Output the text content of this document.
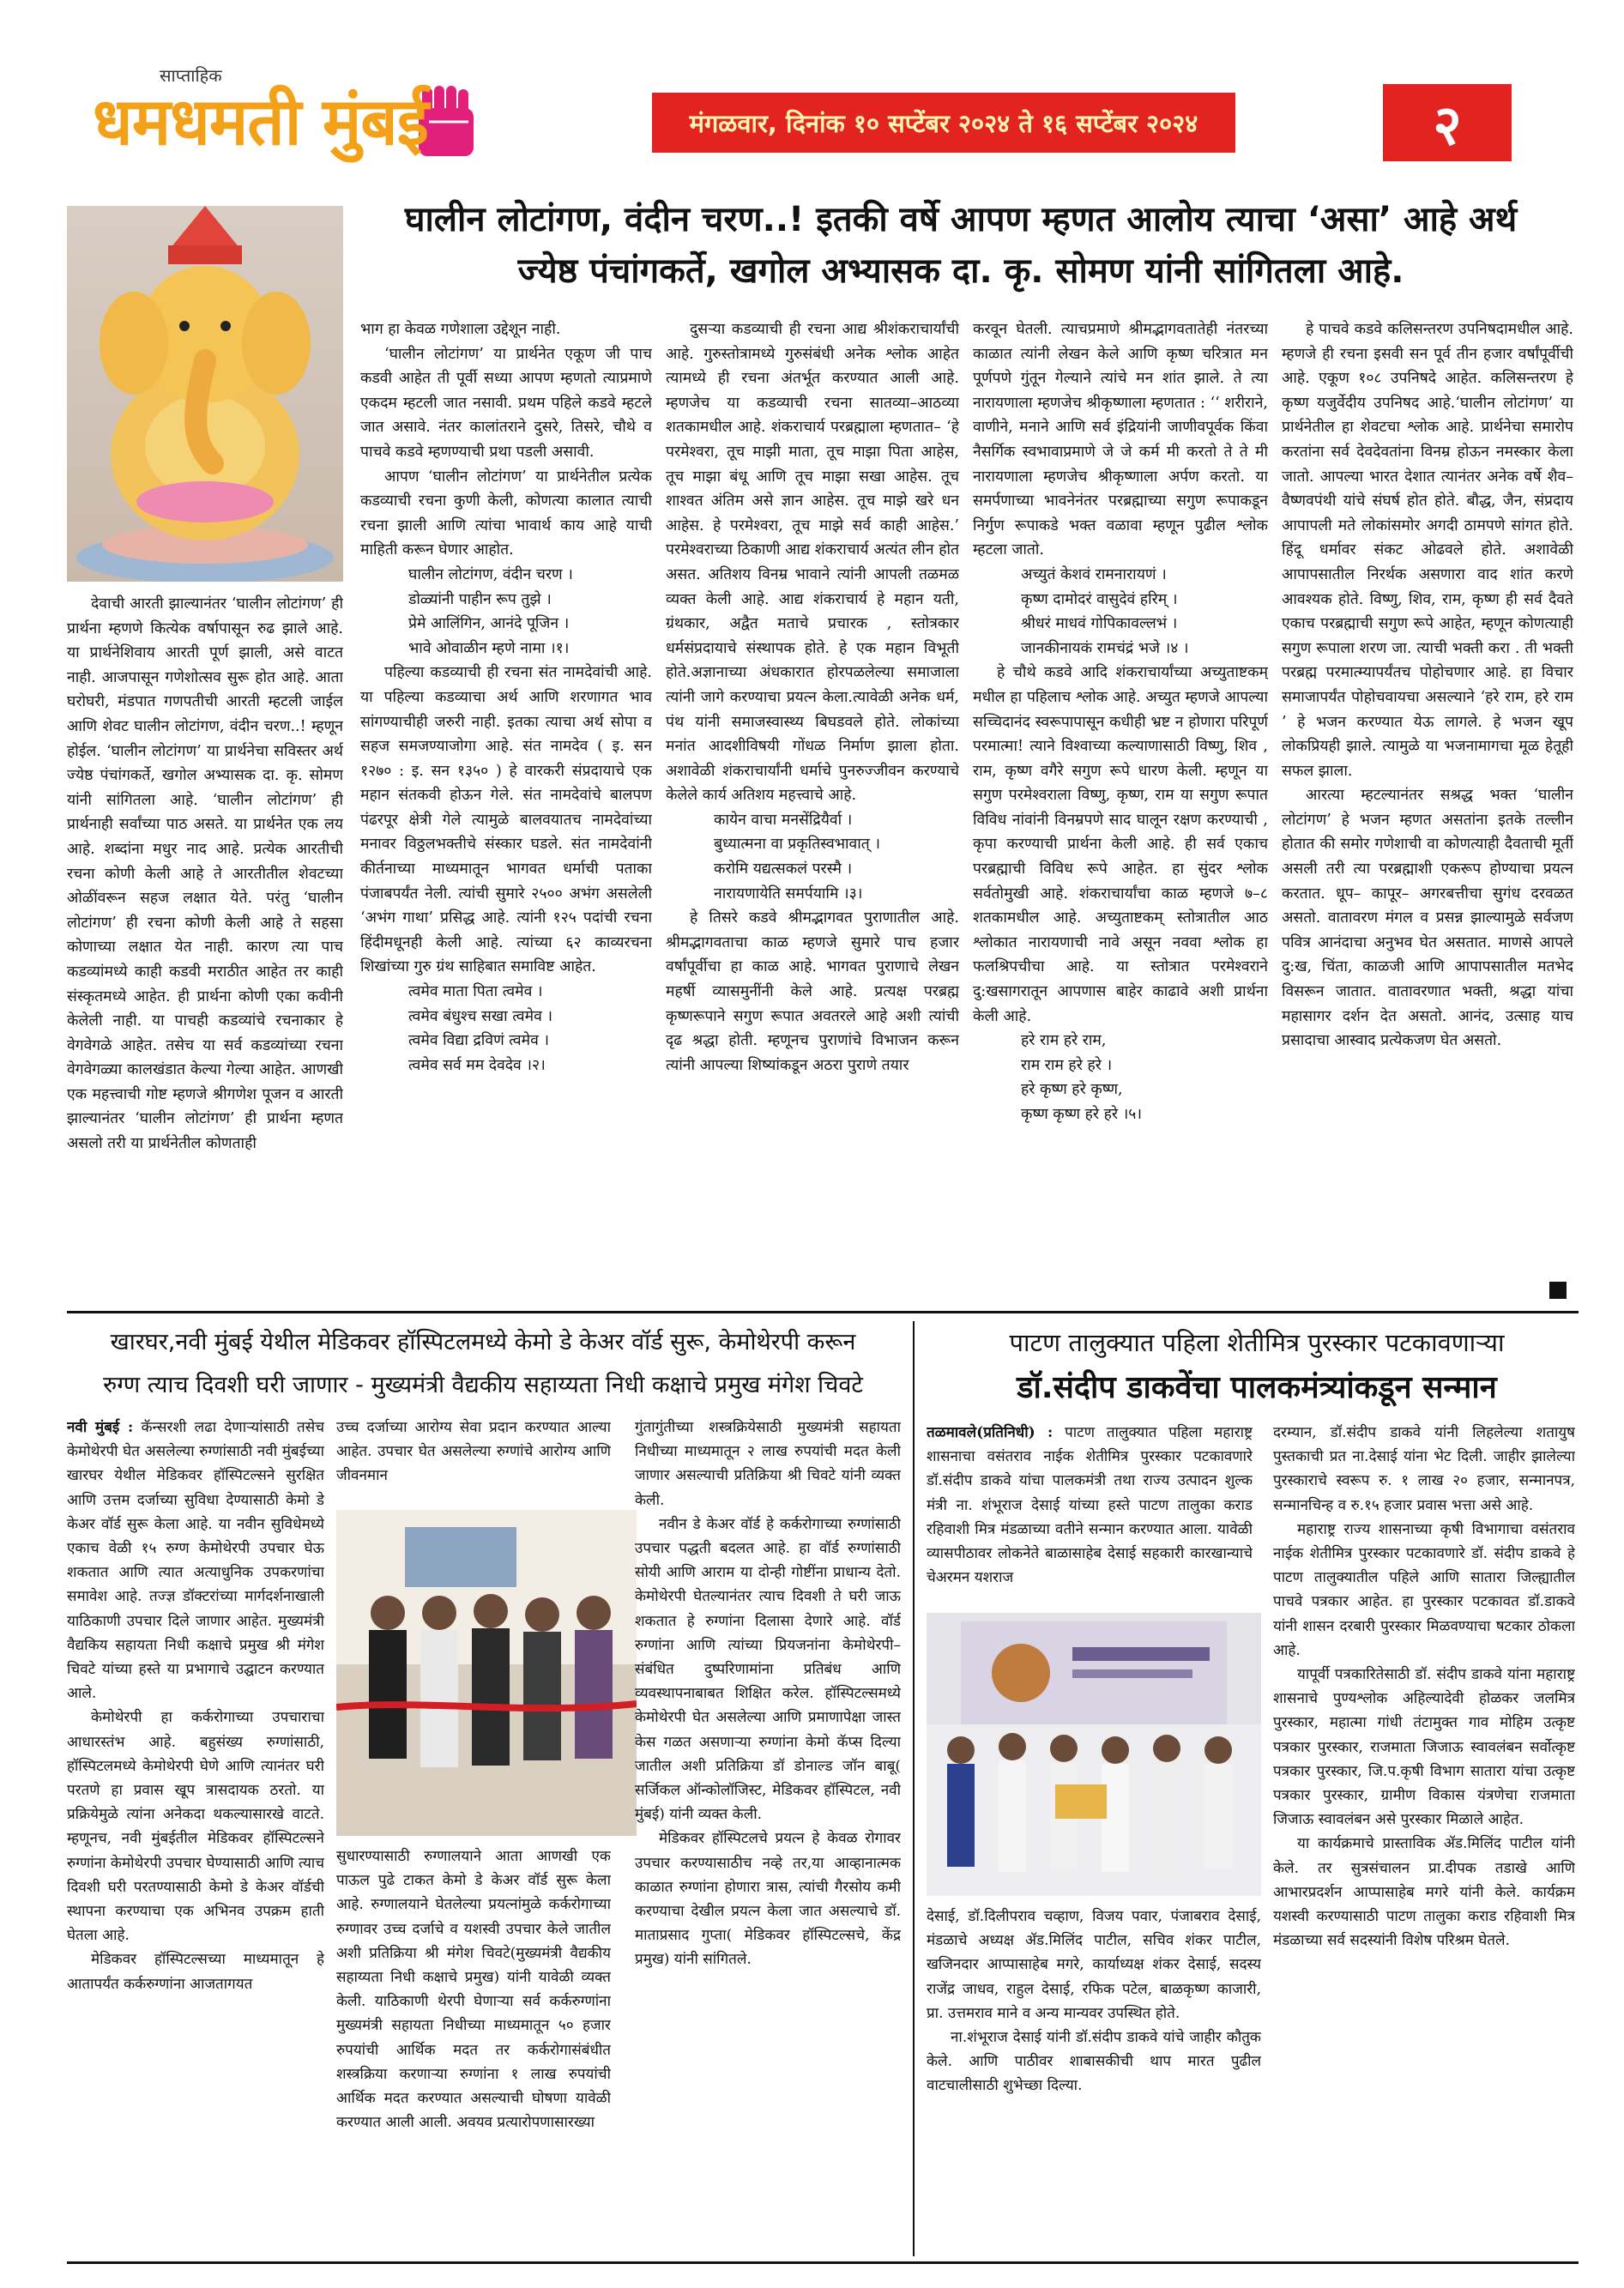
साप्ताहिक
धमधमती मुंबई	मंगळवार, दिनांक १० सप्टेंबर २०२४ ते १६ सप्टेंबर २०२४	२
घालीन लोटांगण, वंदीन चरण..! इतकी वर्षे आपण म्हणत आलोय त्याचा ‘असा’ आहे अर्थ
ज्येष्ठ पंचांगकर्ते, खगोल अभ्यासक दा. कृ. सोमण यांनी सांगितला आहे.

देवाची आरती झाल्यानंतर ‘घालीन लोटांगण’ ही प्रार्थना म्हणणे कित्येक वर्षापासून रुढ झाले आहे. या प्रार्थनेशिवाय आरती पूर्ण झाली, असे वाटत नाही. आजपासून गणेशोत्सव सुरू होत आहे. आता घरोघरी, मंडपात गणपतीची आरती म्हटली जाईल आणि शेवट घालीन लोटांगण, वंदीन चरण..! म्हणून होईल. ‘घालीन लोटांगण’ या प्रार्थनेचा सविस्तर अर्थ ज्येष्ठ पंचांगकर्ते, खगोल अभ्यासक दा. कृ. सोमण यांनी सांगितला आहे. ‘घालीन लोटांगण’ ही प्रार्थनाही सर्वांच्या पाठ असते. या प्रार्थनेत एक लय आहे. शब्दांना मधुर नाद आहे. प्रत्येक आरतीची रचना कोणी केली आहे ते आरतीतील शेवटच्या ओळींवरून सहज लक्षात येते. परंतु ‘घालीन लोटांगण’ ही रचना कोणी केली आहे ते सहसा कोणाच्या लक्षात येत नाही. कारण त्या पाच कडव्यांमध्ये काही कडवी मराठीत आहेत तर काही संस्कृतमध्ये आहेत. ही प्रार्थना कोणी एका कवीनी केलेली नाही. या पाचही कडव्यांचे रचनाकार हे वेगवेगळे आहेत. तसेच या सर्व कडव्यांच्या रचना वेगवेगळ्या कालखंडात केल्या गेल्या आहेत. आणखी एक महत्त्वाची गोष्ट म्हणजे श्रीगणेश पूजन व आरती झाल्यानंतर ‘घालीन लोटांगण’ ही प्रार्थना म्हणत असलो तरी या प्रार्थनेतील कोणताही

भाग हा केवळ गणेशाला उद्देशून नाही.

‘घालीन लोटांगण’ या प्रार्थनेत एकूण जी पाच कडवी आहेत ती पूर्वी सध्या आपण म्हणतो त्याप्रमाणे एकदम म्हटली जात नसावी. प्रथम पहिले कडवे म्हटले जात असावे. नंतर कालांतराने दुसरे, तिसरे, चौथे व पाचवे कडवे म्हणण्याची प्रथा पडली असावी.

आपण ‘घालीन लोटांगण’ या प्रार्थनेतील प्रत्येक कडव्याची रचना कुणी केली, कोणत्या कालात त्याची रचना झाली आणि त्यांचा भावार्थ काय आहे याची माहिती करून घेणार आहोत.

घालीन लोटांगण, वंदीन चरण ।

डोळ्यांनी पाहीन रूप तुझे ।

प्रेमे आलिंगिन, आनंदे पूजिन ।

भावे ओवाळीन म्हणे नामा ।१।

पहिल्या कडव्याची ही रचना संत नामदेवांची आहे. या पहिल्या कडव्याचा अर्थ आणि शरणागत भाव सांगण्याचीही जरुरी नाही. इतका त्याचा अर्थ सोपा व सहज समजण्याजोगा आहे. संत नामदेव ( इ. सन १२७० : इ. सन १३५० ) हे वारकरी संप्रदायाचे एक महान संतकवी होऊन गेले. संत नामदेवांचे बालपण पंढरपूर क्षेत्री गेले त्यामुळे बालवयातच नामदेवांच्या मनावर विठ्ठलभक्तीचे संस्कार घडले. संत नामदेवांनी कीर्तनाच्या माध्यमातून भागवत धर्माची पताका पंजाबपर्यंत नेली. त्यांची सुमारे २५०० अभंग असलेली ‘अभंग गाथा’ प्रसिद्ध आहे. त्यांनी १२५ पदांची रचना हिंदीमधूनही केली आहे. त्यांच्या ६२ काव्यरचना शिखांच्या गुरु ग्रंथ साहिबात समाविष्ट आहेत.

त्वमेव माता पिता त्वमेव ।

त्वमेव बंधुश्च सखा त्वमेव ।

त्वमेव विद्या द्रविणं त्वमेव ।

त्वमेव सर्व मम देवदेव ।२।

दुसऱ्या कडव्याची ही रचना आद्य श्रीशंकराचार्यांची आहे. गुरुस्तोत्रामध्ये गुरुसंबंधी अनेक श्लोक आहेत त्यामध्ये ही रचना अंतर्भूत करण्यात आली आहे. म्हणजेच या कडव्याची रचना सातव्या–आठव्या शतकामधील आहे. शंकराचार्य परब्रह्माला म्हणतात– ‘हे परमेश्वरा, तूच माझी माता, तूच माझा पिता आहेस, तूच माझा बंधू आणि तूच माझा सखा आहेस. तूच शाश्वत अंतिम असे ज्ञान आहेस. तूच माझे खरे धन आहेस. हे परमेश्वरा, तूच माझे सर्व काही आहेस.’ परमेश्वराच्या ठिकाणी आद्य शंकराचार्य अत्यंत लीन होत असत. अतिशय विनम्र भावाने त्यांनी आपली तळमळ व्यक्त केली आहे. आद्य शंकराचार्य हे महान यती, ग्रंथकार, अद्वैत मताचे प्रचारक , स्तोत्रकार धर्मसंप्रदायाचे संस्थापक होते. हे एक महान विभूती होते.अज्ञानाच्या अंधकारात होरपळलेल्या समाजाला त्यांनी जागे करण्याचा प्रयत्न केला.त्यावेळी अनेक धर्म, पंथ यांनी समाजस्वास्थ्य बिघडवले होते. लोकांच्या मनांत आदशीविषयी गोंधळ निर्माण झाला होता. अशावेळी शंकराचार्यांनी धर्माचे पुनरुज्जीवन करण्याचे केलेले कार्य अतिशय महत्त्वाचे आहे.

कायेन वाचा मनसेंद्रियैर्वा ।

बुध्यात्मना वा प्रकृतिस्वभावात् ।

करोमि यद्यत्सकलं परस्मै ।

नारायणायेति समर्पयामि ।३।

हे तिसरे कडवे श्रीमद्भागवत पुराणातील आहे. श्रीमद्भागवताचा काळ म्हणजे सुमारे पाच हजार वर्षांपूर्वीचा हा काळ आहे. भागवत पुराणाचे लेखन महर्षी व्यासमुनींनी केले आहे. प्रत्यक्ष परब्रह्म कृष्णरूपाने सगुण रूपात अवतरले आहे अशी त्यांची दृढ श्रद्धा होती. म्हणूनच पुराणांचे विभाजन करून त्यांनी आपल्या शिष्यांकडून अठरा पुराणे तयार

करवून घेतली. त्याचप्रमाणे श्रीमद्भागवतातेही नंतरच्या काळात त्यांनी लेखन केले आणि कृष्ण चरित्रात मन पूर्णपणे गुंतून गेल्याने त्यांचे मन शांत झाले. ते त्या नारायणाला म्हणजेच श्रीकृष्णाला म्हणतात : ‘‘ शरीराने, वाणीने, मनाने आणि सर्व इंद्रियांनी जाणीवपूर्वक किंवा नैसर्गिक स्वभावाप्रमाणे जे जे कर्म मी करतो ते ते मी नारायणाला म्हणजेच श्रीकृष्णाला अर्पण करतो. या समर्पणाच्या भावनेनंतर परब्रह्माच्या सगुण रूपाकडून निर्गुण रूपाकडे भक्त वळावा म्हणून पुढील श्लोक म्हटला जातो.

अच्युतं केशवं रामनारायणं ।

कृष्ण दामोदरं वासुदेवं हरिम् ।

श्रीधरं माधवं गोपिकावल्लभं ।

जानकीनायकं रामचंद्रं भजे ।४ ।

हे चौथे कडवे आदि शंकराचार्यांच्या अच्युताष्टकम् मधील हा पहिलाच श्लोक आहे. अच्युत म्हणजे आपल्या सच्चिदानंद स्वरूपापासून कधीही भ्रष्ट न होणारा परिपूर्ण परमात्मा! त्याने विश्वाच्या कल्याणासाठी विष्णु, शिव , राम, कृष्ण वगैरे सगुण रूपे धारण केली. म्हणून या सगुण परमेश्वराला विष्णु, कृष्ण, राम या सगुण रूपात विविध नांवांनी विनम्रपणे साद घालून रक्षण करण्याची , कृपा करण्याची प्रार्थना केली आहे. ही सर्व एकाच परब्रह्माची विविध रूपे आहेत. हा सुंदर श्लोक सर्वतोमुखी आहे. शंकराचार्यांचा काळ म्हणजे ७–८ शतकामधील आहे. अच्युताष्टकम् स्तोत्रातील आठ श्लोकात नारायणाची नावे असून नववा श्लोक हा फलश्रिपचीचा आहे. या स्तोत्रात परमेश्वराने दु:खसागरातून आपणास बाहेर काढावे अशी प्रार्थना केली आहे.

हरे राम हरे राम,

राम राम हरे हरे ।

हरे कृष्ण हरे कृष्ण,

कृष्ण कृष्ण हरे हरे ।५।

हे पाचवे कडवे कलिसन्तरण उपनिषदामधील आहे. म्हणजे ही रचना इसवी सन पूर्व तीन हजार वर्षांपूर्वीची आहे. एकूण १०८ उपनिषदे आहेत. कलिसन्तरण हे कृष्ण यजुर्वेदीय उपनिषद आहे.‘घालीन लोटांगण’ या प्रार्थनेतील हा शेवटचा श्लोक आहे. प्रार्थनेचा समारोप करतांना सर्व देवदेवतांना विनम्र होऊन नमस्कार केला जातो. आपल्या भारत देशात त्यानंतर अनेक वर्षे शैव–वैष्णवपंथी यांचे संघर्ष होत होते. बौद्ध, जैन, संप्रदाय आपापली मते लोकांसमोर अगदी ठामपणे सांगत होते. हिंदू धर्मावर संकट ओढवले होते. अशावेळी आपापसातील निरर्थक असणारा वाद शांत करणे आवश्यक होते. विष्णु, शिव, राम, कृष्ण ही सर्व दैवते एकाच परब्रह्माची सगुण रूपे आहेत, म्हणून कोणत्याही सगुण रूपाला शरण जा. त्याची भक्ती करा . ती भक्ती परब्रह्म परमात्म्यापर्यंतच पोहोचणार आहे. हा विचार समाजापर्यंत पोहोचवायचा असल्याने ‘हरे राम, हरे राम ’ हे भजन करण्यात येऊ लागले. हे भजन खूप लोकप्रियही झाले. त्यामुळे या भजनामागचा मूळ हेतूही सफल झाला.

आरत्या म्हटल्यानंतर सश्रद्ध भक्त ‘घालीन लोटांगण’ हे भजन म्हणत असतांना इतके तल्लीन होतात की समोर गणेशाची वा कोणत्याही दैवताची मूर्ती असली तरी त्या परब्रह्माशी एकरूप होण्याचा प्रयत्न करतात. धूप– कापूर– अगरबत्तीचा सुगंध दरवळत असतो. वातावरण मंगल व प्रसन्न झाल्यामुळे सर्वजण पवित्र आनंदाचा अनुभव घेत असतात. माणसे आपले दु:ख, चिंता, काळजी आणि आपापसातील मतभेद विसरून जातात. वातावरणात भक्ती, श्रद्धा यांचा महासागर दर्शन देत असतो. आनंद, उत्साह याच प्रसादाचा आस्वाद प्रत्येकजण घेत असतो.

खारघर,नवी मुंबई येथील मेडिकवर हॉस्पिटलमध्ये केमो डे केअर वॉर्ड सुरू, केमोथेरपी करून
रुग्ण त्याच दिवशी घरी जाणार - मुख्यमंत्री वैद्यकीय सहाय्यता निधी कक्षाचे प्रमुख मंगेश चिवटे

नवी मुंबई : कॅन्सरशी लढा देणाऱ्यांसाठी तसेच केमोथेरपी घेत असलेल्या रुग्णांसाठी नवी मुंबईच्या खारघर येथील मेडिकवर हॉस्पिटल्सने सुरक्षित आणि उत्तम दर्जाच्या सुविधा देण्यासाठी केमो डे केअर वॉर्ड सुरू केला आहे. या नवीन सुविधेमध्ये एकाच वेळी १५ रुग्ण केमोथेरपी उपचार घेऊ शकतात आणि त्यात अत्याधुनिक उपकरणांचा समावेश आहे. तज्ज्ञ डॉक्टरांच्या मार्गदर्शनाखाली याठिकाणी उपचार दिले जाणार आहेत. मुख्यमंत्री वैद्यकिय सहायता निधी कक्षाचे प्रमुख श्री मंगेश चिवटे यांच्या हस्ते या प्रभागाचे उद्घाटन करण्यात आले.

केमोथेरपी हा कर्करोगाच्या उपचाराचा आधारस्तंभ आहे. बहुसंख्य रुग्णांसाठी, हॉस्पिटलमध्ये केमोथेरपी घेणे आणि त्यानंतर घरी परतणे हा प्रवास खूप त्रासदायक ठरतो. या प्रक्रियेमुळे त्यांना अनेकदा थकल्यासारखे वाटते. म्हणूनच, नवी मुंबईतील मेडिकवर हॉस्पिटल्सने रुग्णांना केमोथेरपी उपचार घेण्यासाठी आणि त्याच दिवशी घरी परतण्यासाठी केमो डे केअर वॉर्डची स्थापना करण्याचा एक अभिनव उपक्रम हाती घेतला आहे.

मेडिकवर हॉस्पिटल्सच्या माध्यमातून हे आतापर्यंत कर्करुग्णांना आजतागयत

उच्च दर्जाच्या आरोग्य सेवा प्रदान करण्यात आल्या आहेत. उपचार घेत असलेल्या रुग्णांचे आरोग्य आणि जीवनमान

सुधारण्यासाठी रुग्णालयाने आता आणखी एक पाऊल पुढे टाकत केमो डे केअर वॉर्ड सुरू केला आहे. रुग्णालयाने घेतलेल्या प्रयत्नांमुळे कर्करोगाच्या रुग्णावर उच्च दर्जाचे व यशस्वी उपचार केले जातील अशी प्रतिक्रिया श्री मंगेश चिवटे(मुख्यमंत्री वैद्यकीय सहाय्यता निधी कक्षाचे प्रमुख) यांनी यावेळी व्यक्त केली. याठिकाणी थेरपी घेणाऱ्या सर्व कर्करुग्णांना मुख्यमंत्री सहायता निधीच्या माध्यमातून ५० हजार रुपयांची आर्थिक मदत तर कर्करोगासंबंधीत शस्त्रक्रिया करणाऱ्या रुग्णांना १ लाख रुपयांची आर्थिक मदत करण्यात असल्याची घोषणा यावेळी करण्यात आली आली. अवयव प्रत्यारोपणासारख्या

गुंतागुंतीच्या शस्त्रक्रियेसाठी मुख्यमंत्री सहायता निधीच्या माध्यमातून २ लाख रुपयांची मदत केली जाणार असल्याची प्रतिक्रिया श्री चिवटे यांनी व्यक्त केली.

नवीन डे केअर वॉर्ड हे कर्करोगाच्या रुग्णांसाठी उपचार पद्धती बदलत आहे. हा वॉर्ड रुग्णांसाठी सोयी आणि आराम या दोन्ही गोष्टींना प्राधान्य देतो. केमोथेरपी घेतल्यानंतर त्याच दिवशी ते घरी जाऊ शकतात हे रुग्णांना दिलासा देणारे आहे. वॉर्ड रुग्णांना आणि त्यांच्या प्रियजनांना केमोथेरपी–संबंधित दुष्परिणामांना प्रतिबंध आणि व्यवस्थापनाबाबत शिक्षित करेल. हॉस्पिटल्समध्ये केमोथेरपी घेत असलेल्या आणि प्रमाणापेक्षा जास्त केस गळत असणाऱ्या रुग्णांना केमो कॅप्स दिल्या जातील अशी प्रतिक्रिया डॉ डोनाल्ड जॉन बाबू( सर्जिकल ऑन्कोलॉजिस्ट, मेडिकवर हॉस्पिटल, नवी मुंबई) यांनी व्यक्त केली.

मेडिकवर हॉस्पिटलचे प्रयत्न हे केवळ रोगावर उपचार करण्यासाठीच नव्हे तर,या आव्हानात्मक काळात रुग्णांना होणारा त्रास, त्यांची गैरसोय कमी करण्याचा देखील प्रयत्न केला जात असल्याचे डॉ. माताप्रसाद गुप्ता( मेडिकवर हॉस्पिटल्सचे, केंद्र प्रमुख) यांनी सांगितले.

पाटण तालुक्यात पहिला शेतीमित्र पुरस्कार पटकावणाऱ्या
डॉ.संदीप डाकवेंचा पालकमंत्र्यांकडून सन्मान

तळमावले(प्रतिनिधी) : पाटण तालुक्यात पहिला महाराष्ट्र शासनाचा वसंतराव नाईक शेतीमित्र पुरस्कार पटकावणारे डॉ.संदीप डाकवे यांचा पालकमंत्री तथा राज्य उत्पादन शुल्क मंत्री ना. शंभूराज देसाई यांच्या हस्ते पाटण तालुका कराड रहिवाशी मित्र मंडळाच्या वतीने सन्मान करण्यात आला. यावेळी व्यासपीठावर लोकनेते बाळासाहेब देसाई सहकारी कारखान्याचे चेअरमन यशराज

देसाई, डॉ.दिलीपराव चव्हाण, विजय पवार, पंजाबराव देसाई, मंडळाचे अध्यक्ष ॲड.मिलिंद पाटील, सचिव शंकर पाटील, खजिनदार आप्पासाहेब मगरे, कार्याध्यक्ष शंकर देसाई, सदस्य राजेंद्र जाधव, राहुल देसाई, रफिक पटेल, बाळकृष्ण काजारी, प्रा. उत्तमराव माने व अन्य मान्यवर उपस्थित होते.

ना.शंभूराज देसाई यांनी डॉ.संदीप डाकवे यांचे जाहीर कौतुक केले. आणि पाठीवर शाबासकीची थाप मारत पुढील वाटचालीसाठी शुभेच्छा दिल्या.

दरम्यान, डॉ.संदीप डाकवे यांनी लिहलेल्या शतायुष पुस्तकाची प्रत ना.देसाई यांना भेट दिली. जाहीर झालेल्या पुरस्काराचे स्वरूप रु. १ लाख २० हजार, सन्मानपत्र, सन्मानचिन्ह व रु.१५ हजार प्रवास भत्ता असे आहे.

महाराष्ट्र राज्य शासनाच्या कृषी विभागाचा वसंतराव नाईक शेतीमित्र पुरस्कार पटकावणारे डॉ. संदीप डाकवे हे पाटण तालुक्यातील पहिले आणि सातारा जिल्ह्यातील पाचवे पत्रकार आहेत. हा पुरस्कार पटकावत डॉ.डाकवे यांनी शासन दरबारी पुरस्कार मिळवण्याचा षटकार ठोकला आहे.

यापूर्वी पत्रकारितेसाठी डॉ. संदीप डाकवे यांना महाराष्ट्र शासनाचे पुण्यश्लोक अहिल्यादेवी होळकर जलमित्र पुरस्कार, महात्मा गांधी तंटामुक्त गाव मोहिम उत्कृष्ट पत्रकार पुरस्कार, राजमाता जिजाऊ स्वावलंबन सर्वोत्कृष्ट पत्रकार पुरस्कार, जि.प.कृषी विभाग सातारा यांचा उत्कृष्ट पत्रकार पुरस्कार, ग्रामीण विकास यंत्रणेचा राजमाता जिजाऊ स्वावलंबन असे पुरस्कार मिळाले आहेत.

या कार्यक्रमाचे प्रास्ताविक ॲड.मिलिंद पाटील यांनी केले. तर सुत्रसंचालन प्रा.दीपक तडाखे आणि आभारप्रदर्शन आप्पासाहेब मगरे यांनी केले. कार्यक्रम यशस्वी करण्यासाठी पाटण तालुका कराड रहिवाशी मित्र मंडळाच्या सर्व सदस्यांनी विशेष परिश्रम घेतले.
